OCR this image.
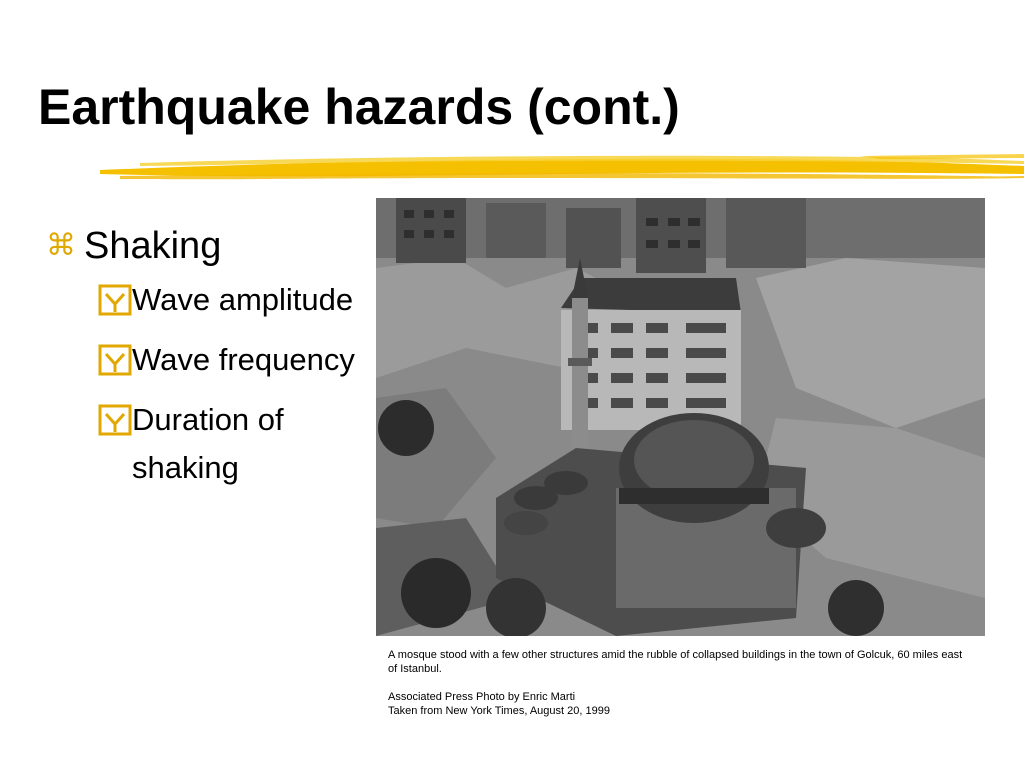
Earthquake hazards (cont.)
⌘ Shaking
Wave amplitude
Wave frequency
Duration of shaking

A mosque stood with a few other structures amid the rubble of collapsed buildings in the town of Golcuk, 60 miles east of Istanbul.

Associated Press Photo by Enric Marti
Taken from New York Times, August 20, 1999
